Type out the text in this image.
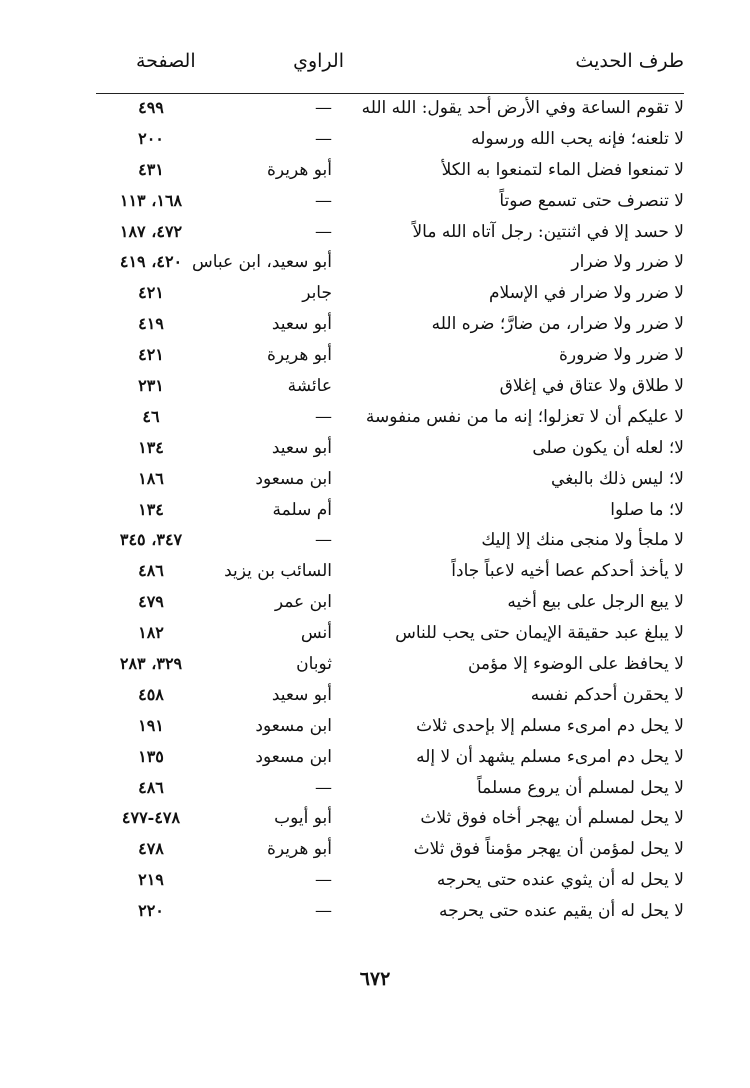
طرف الحديث
الراوي
الصفحة
لا تقوم الساعة وفي الأرض أحد يقول: الله الله
—
٤٩٩
لا تلعنه؛ فإنه يحب الله ورسوله
—
٢٠٠
لا تمنعوا فضل الماء لتمنعوا به الكلأ
أبو هريرة
٤٣١
لا تنصرف حتى تسمع صوتاً
—
١٦٨، ١١٣
لا حسد إلا في اثنتين: رجل آتاه الله مالاً
—
٤٧٢، ١٨٧
لا ضرر ولا ضرار
أبو سعيد، ابن عباس
٤٢٠، ٤١٩
لا ضرر ولا ضرار في الإسلام
جابر
٤٢١
لا ضرر ولا ضرار، من ضارَّ؛ ضره الله
أبو سعيد
٤١٩
لا ضرر ولا ضرورة
أبو هريرة
٤٢١
لا طلاق ولا عتاق في إغلاق
عائشة
٢٣١
لا عليكم أن لا تعزلوا؛ إنه ما من نفس منفوسة
—
٤٦
لا؛ لعله أن يكون صلى
أبو سعيد
١٣٤
لا؛ ليس ذلك بالبغي
ابن مسعود
١٨٦
لا؛ ما صلوا
أم سلمة
١٣٤
لا ملجأ ولا منجى منك إلا إليك
—
٣٤٧، ٣٤٥
لا يأخذ أحدكم عصا أخيه لاعباً جاداً
السائب بن يزيد
٤٨٦
لا يبع الرجل على بيع أخيه
ابن عمر
٤٧٩
لا يبلغ عبد حقيقة الإيمان حتى يحب للناس
أنس
١٨٢
لا يحافظ على الوضوء إلا مؤمن
ثوبان
٣٢٩، ٢٨٣
لا يحقرن أحدكم نفسه
أبو سعيد
٤٥٨
لا يحل دم امرىء مسلم إلا بإحدى ثلاث
ابن مسعود
١٩١
لا يحل دم امرىء مسلم يشهد أن لا إله
ابن مسعود
١٣٥
لا يحل لمسلم أن يروع مسلماً
—
٤٨٦
لا يحل لمسلم أن يهجر أخاه فوق ثلاث
أبو أيوب
٤٧٨-٤٧٧
لا يحل لمؤمن أن يهجر مؤمناً فوق ثلاث
أبو هريرة
٤٧٨
لا يحل له أن يثوي عنده حتى يحرجه
—
٢١٩
لا يحل له أن يقيم عنده حتى يحرجه
—
٢٢٠
٦٧٢
